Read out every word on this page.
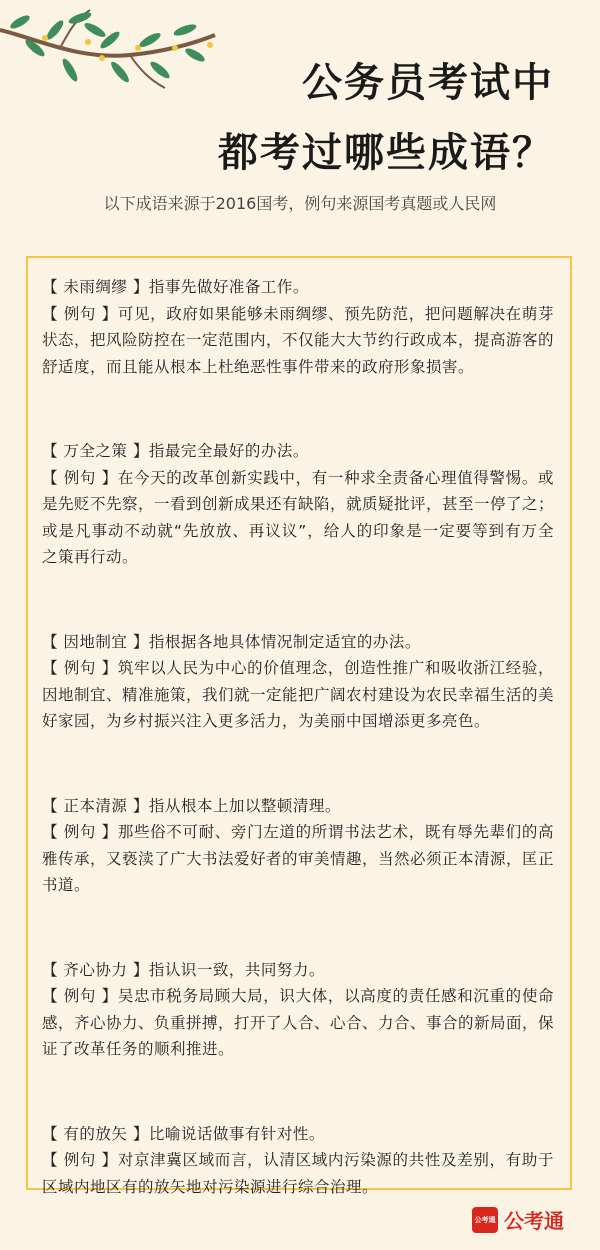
公务员考试中
都考过哪些成语？
以下成语来源于2016国考，例句来源国考真题或人民网

【 未雨绸缪 】指事先做好准备工作。

【 例句 】可见，政府如果能够未雨绸缪、预先防范，把问题解决在萌芽状态，把风险防控在一定范围内，不仅能大大节约行政成本，提高游客的舒适度，而且能从根本上杜绝恶性事件带来的政府形象损害。

【 万全之策 】指最完全最好的办法。

【 例句 】在今天的改革创新实践中，有一种求全责备心理值得警惕。或是先贬不先察，一看到创新成果还有缺陷，就质疑批评，甚至一停了之；或是凡事动不动就“先放放、再议议”，给人的印象是一定要等到有万全之策再行动。

【 因地制宜 】指根据各地具体情况制定适宜的办法。

【 例句 】筑牢以人民为中心的价值理念，创造性推广和吸收浙江经验，因地制宜、精准施策，我们就一定能把广阔农村建设为农民幸福生活的美好家园，为乡村振兴注入更多活力，为美丽中国增添更多亮色。

【 正本清源 】指从根本上加以整顿清理。

【 例句 】那些俗不可耐、旁门左道的所谓书法艺术，既有辱先辈们的高雅传承，又亵渎了广大书法爱好者的审美情趣，当然必须正本清源，匡正书道。

【 齐心协力 】指认识一致，共同努力。

【 例句 】吴忠市税务局顾大局，识大体，以高度的责任感和沉重的使命感，齐心协力、负重拼搏，打开了人合、心合、力合、事合的新局面，保证了改革任务的顺利推进。

【 有的放矢 】比喻说话做事有针对性。

【 例句 】对京津冀区域而言，认清区域内污染源的共性及差别，有助于区域内地区有的放矢地对污染源进行综合治理。

公考通 公考通
